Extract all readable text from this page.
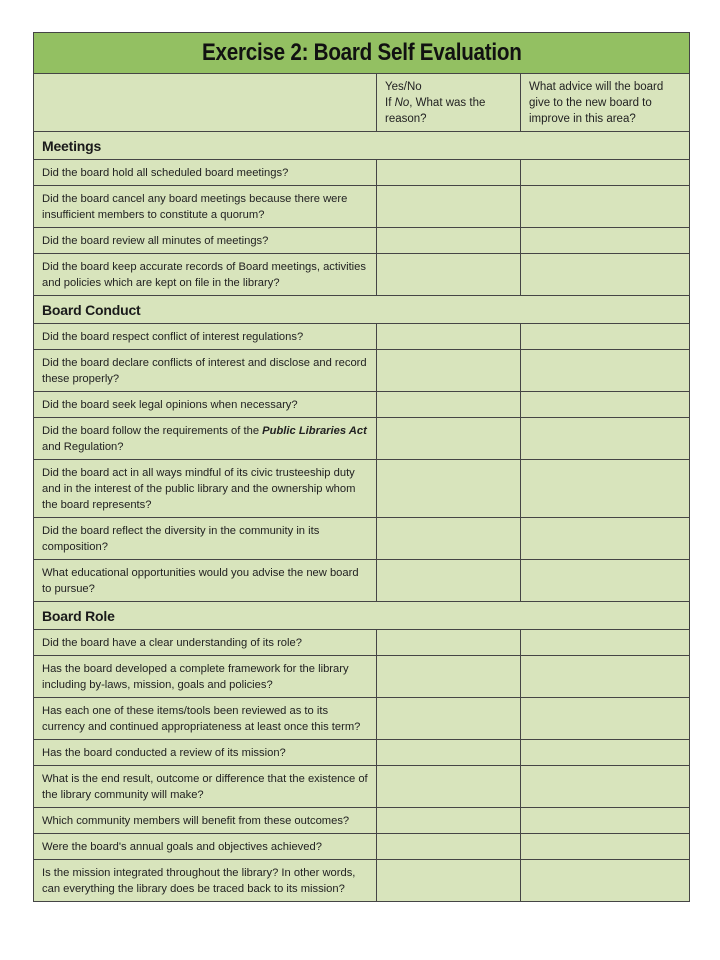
Exercise 2: Board Self Evaluation		

	Yes/No
If No, What was the reason?	What advice will the board give to the new board to improve in this area?

Meetings		

Did the board hold all scheduled board meetings?		

Did the board cancel any board meetings because there were insufficient members to constitute a quorum?		

Did the board review all minutes of meetings?		

Did the board keep accurate records of Board meetings, activities and policies which are kept on file in the library?		

Board Conduct		

Did the board respect conflict of interest regulations?		

Did the board declare conflicts of interest and disclose and record these properly?		

Did the board seek legal opinions when necessary?		

Did the board follow the requirements of the Public Libraries Act and Regulation?		

Did the board act in all ways mindful of its civic trusteeship duty and in the interest of the public library and the ownership whom the board represents?		

Did the board reflect the diversity in the community in its composition?		

What educational opportunities would you advise the new board to pursue?		

Board Role		

Did the board have a clear understanding of its role?		

Has the board developed a complete framework for the library including by-laws, mission, goals and policies?		

Has each one of these items/tools been reviewed as to its currency and continued appropriateness at least once this term?		

Has the board conducted a review of its mission?		

What is the end result, outcome or difference that the existence of the library community will make?		

Which community members will benefit from these outcomes?		

Were the board's annual goals and objectives achieved?		

Is the mission integrated throughout the library? In other words, can everything the library does be traced back to its mission?		
